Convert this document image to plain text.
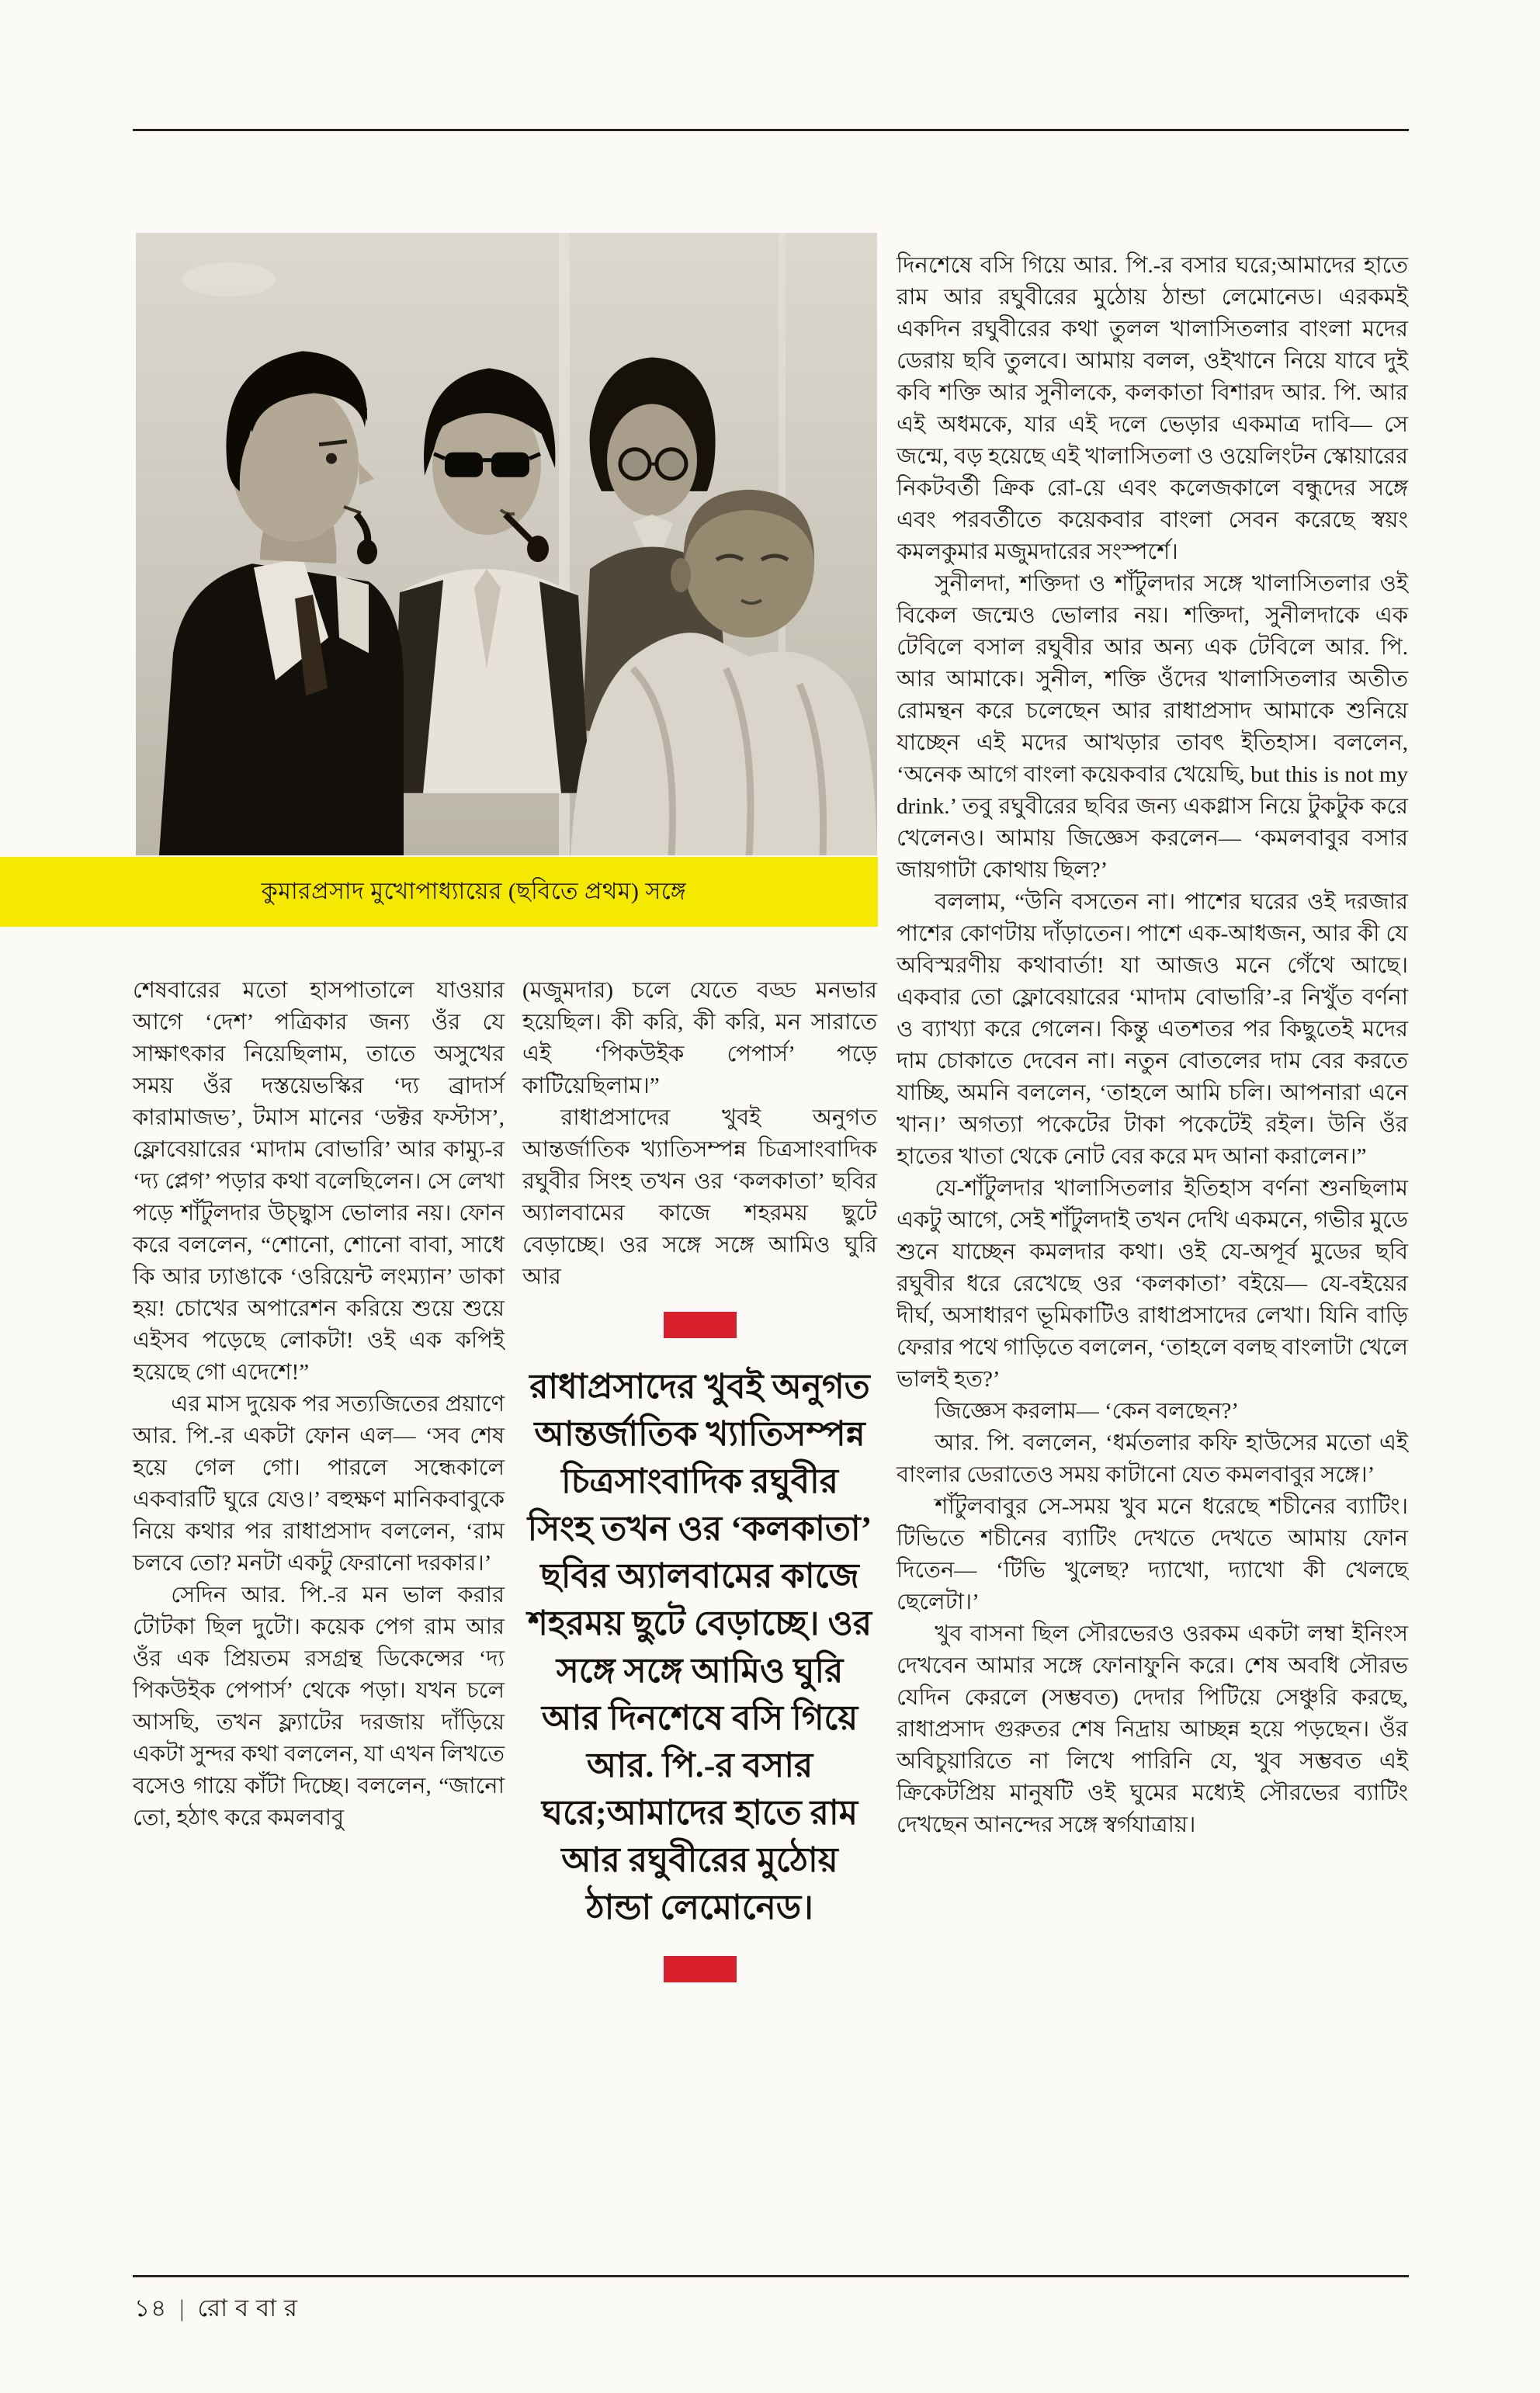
কুমারপ্রসাদ মুখোপাধ্যায়ের (ছবিতে প্রথম) সঙ্গে

শেষবারের মতো হাসপাতালে যাওয়ার আগে ‘দেশ’ পত্রিকার জন্য ওঁর যে সাক্ষাৎকার নিয়েছিলাম, তাতে অসুখের সময় ওঁর দস্তয়েভস্কির ‘দ্য ব্রাদার্স কারামাজভ’, টমাস মানের ‘ডক্টর ফস্টাস’, ফ্লোবেয়ারের ‘মাদাম বোভারি’ আর কাম্যু-র ‘দ্য প্লেগ’ পড়ার কথা বলেছিলেন। সে লেখা পড়ে শাঁটুলদার উচ্ছ্বাস ভোলার নয়। ফোন করে বললেন, “শোনো, শোনো বাবা, সাধে কি আর ঢ্যাঙাকে ‘ওরিয়েন্ট লংম্যান’ ডাকা হয়! চোখের অপারেশন করিয়ে শুয়ে শুয়ে এইসব পড়েছে লোকটা! ওই এক কপিই হয়েছে গো এদেশে!”

এর মাস দুয়েক পর সত্যজিতের প্রয়াণে আর. পি.-র একটা ফোন এল— ‘সব শেষ হয়ে গেল গো। পারলে সন্ধেকালে একবারটি ঘুরে যেও।’ বহুক্ষণ মানিকবাবুকে নিয়ে কথার পর রাধাপ্রসাদ বললেন, ‘রাম চলবে তো? মনটা একটু ফেরানো দরকার।’

সেদিন আর. পি.-র মন ভাল করার টোটকা ছিল দুটো। কয়েক পেগ রাম আর ওঁর এক প্রিয়তম রসগ্রন্থ ডিকেন্সের ‘দ্য পিকউইক পেপার্স’ থেকে পড়া। যখন চলে আসছি, তখন ফ্ল্যাটের দরজায় দাঁড়িয়ে একটা সুন্দর কথা বললেন, যা এখন লিখতে বসেও গায়ে কাঁটা দিচ্ছে। বললেন, “জানো তো, হঠাৎ করে কমলবাবু

(মজুমদার) চলে যেতে বড্ড মনভার হয়েছিল। কী করি, কী করি, মন সারাতে এই ‘পিকউইক পেপার্স’ পড়ে কাটিয়েছিলাম।”

রাধাপ্রসাদের খুবই অনুগত আন্তর্জাতিক খ্যাতিসম্পন্ন চিত্রসাংবাদিক রঘুবীর সিংহ তখন ওর ‘কলকাতা’ ছবির অ্যালবামের কাজে শহরময় ছুটে বেড়াচ্ছে। ওর সঙ্গে সঙ্গে আমিও ঘুরি আর

রাধাপ্রসাদের খুবই অনুগত আন্তর্জাতিক খ্যাতিসম্পন্ন চিত্রসাংবাদিক রঘুবীর সিংহ তখন ওর ‘কলকাতা’ ছবির অ্যালবামের কাজে শহরময় ছুটে বেড়াচ্ছে। ওর সঙ্গে সঙ্গে আমিও ঘুরি আর দিনশেষে বসি গিয়ে আর. পি.-র বসার ঘরে;আমাদের হাতে রাম আর রঘুবীরের মুঠোয় ঠান্ডা লেমোনেড।

দিনশেষে বসি গিয়ে আর. পি.-র বসার ঘরে;আমাদের হাতে রাম আর রঘুবীরের মুঠোয় ঠান্ডা লেমোনেড। এরকমই একদিন রঘুবীরের কথা তুলল খালাসিতলার বাংলা মদের ডেরায় ছবি তুলবে। আমায় বলল, ওইখানে নিয়ে যাবে দুই কবি শক্তি আর সুনীলকে, কলকাতা বিশারদ আর. পি. আর এই অধমকে, যার এই দলে ভেড়ার একমাত্র দাবি— সে জন্মে, বড় হয়েছে এই খালাসিতলা ও ওয়েলিংটন স্কোয়ারের নিকটবর্তী ক্রিক রো-য়ে এবং কলেজকালে বন্ধুদের সঙ্গে এবং পরবর্তীতে কয়েকবার বাংলা সেবন করেছে স্বয়ং কমলকুমার মজুমদারের সংস্পর্শে।

সুনীলদা, শক্তিদা ও শাঁটুলদার সঙ্গে খালাসিতলার ওই বিকেল জন্মেও ভোলার নয়। শক্তিদা, সুনীলদাকে এক টেবিলে বসাল রঘুবীর আর অন্য এক টেবিলে আর. পি. আর আমাকে। সুনীল, শক্তি ওঁদের খালাসিতলার অতীত রোমন্থন করে চলেছেন আর রাধাপ্রসাদ আমাকে শুনিয়ে যাচ্ছেন এই মদের আখড়ার তাবৎ ইতিহাস। বললেন, ‘অনেক আগে বাংলা কয়েকবার খেয়েছি, but this is not my drink.’ তবু রঘুবীরের ছবির জন্য একগ্লাস নিয়ে টুকটুক করে খেলেনও। আমায় জিজ্ঞেস করলেন— ‘কমলবাবুর বসার জায়গাটা কোথায় ছিল?’

বললাম, “উনি বসতেন না। পাশের ঘরের ওই দরজার পাশের কোণটায় দাঁড়াতেন। পাশে এক-আধজন, আর কী যে অবিস্মরণীয় কথাবার্তা! যা আজও মনে গেঁথে আছে। একবার তো ফ্লোবেয়ারের ‘মাদাম বোভারি’-র নিখুঁত বর্ণনা ও ব্যাখ্যা করে গেলেন। কিন্তু এতশতর পর কিছুতেই মদের দাম চোকাতে দেবেন না। নতুন বোতলের দাম বের করতে যাচ্ছি, অমনি বললেন, ‘তাহলে আমি চলি। আপনারা এনে খান।’ অগত্যা পকেটের টাকা পকেটেই রইল। উনি ওঁর হাতের খাতা থেকে নোট বের করে মদ আনা করালেন।”

যে-শাঁটুলদার খালাসিতলার ইতিহাস বর্ণনা শুনছিলাম একটু আগে, সেই শাঁটুলদাই তখন দেখি একমনে, গভীর মুডে শুনে যাচ্ছেন কমলদার কথা। ওই যে-অপূর্ব মুডের ছবি রঘুবীর ধরে রেখেছে ওর ‘কলকাতা’ বইয়ে— যে-বইয়ের দীর্ঘ, অসাধারণ ভূমিকাটিও রাধাপ্রসাদের লেখা। যিনি বাড়ি ফেরার পথে গাড়িতে বললেন, ‘তাহলে বলছ বাংলাটা খেলে ভালই হত?’

জিজ্ঞেস করলাম— ‘কেন বলছেন?’

আর. পি. বললেন, ‘ধর্মতলার কফি হাউসের মতো এই বাংলার ডেরাতেও সময় কাটানো যেত কমলবাবুর সঙ্গে।’

শাঁটুলবাবুর সে-সময় খুব মনে ধরেছে শচীনের ব্যাটিং। টিভিতে শচীনের ব্যাটিং দেখতে দেখতে আমায় ফোন দিতেন— ‘টিভি খুলেছ? দ্যাখো, দ্যাখো কী খেলছে ছেলেটা।’

খুব বাসনা ছিল সৌরভেরও ওরকম একটা লম্বা ইনিংস দেখবেন আমার সঙ্গে ফোনাফুনি করে। শেষ অবধি সৌরভ যেদিন কেরলে (সম্ভবত) দেদার পিটিয়ে সেঞ্চুরি করছে, রাধাপ্রসাদ গুরুতর শেষ নিদ্রায় আচ্ছন্ন হয়ে পড়ছেন। ওঁর অবিচুয়ারিতে না লিখে পারিনি যে, খুব সম্ভবত এই ক্রিকেটপ্রিয় মানুষটি ওই ঘুমের মধ্যেই সৌরভের ব্যাটিং দেখছেন আনন্দের সঙ্গে স্বর্গযাত্রায়।

১৪ | রো ব বা র
